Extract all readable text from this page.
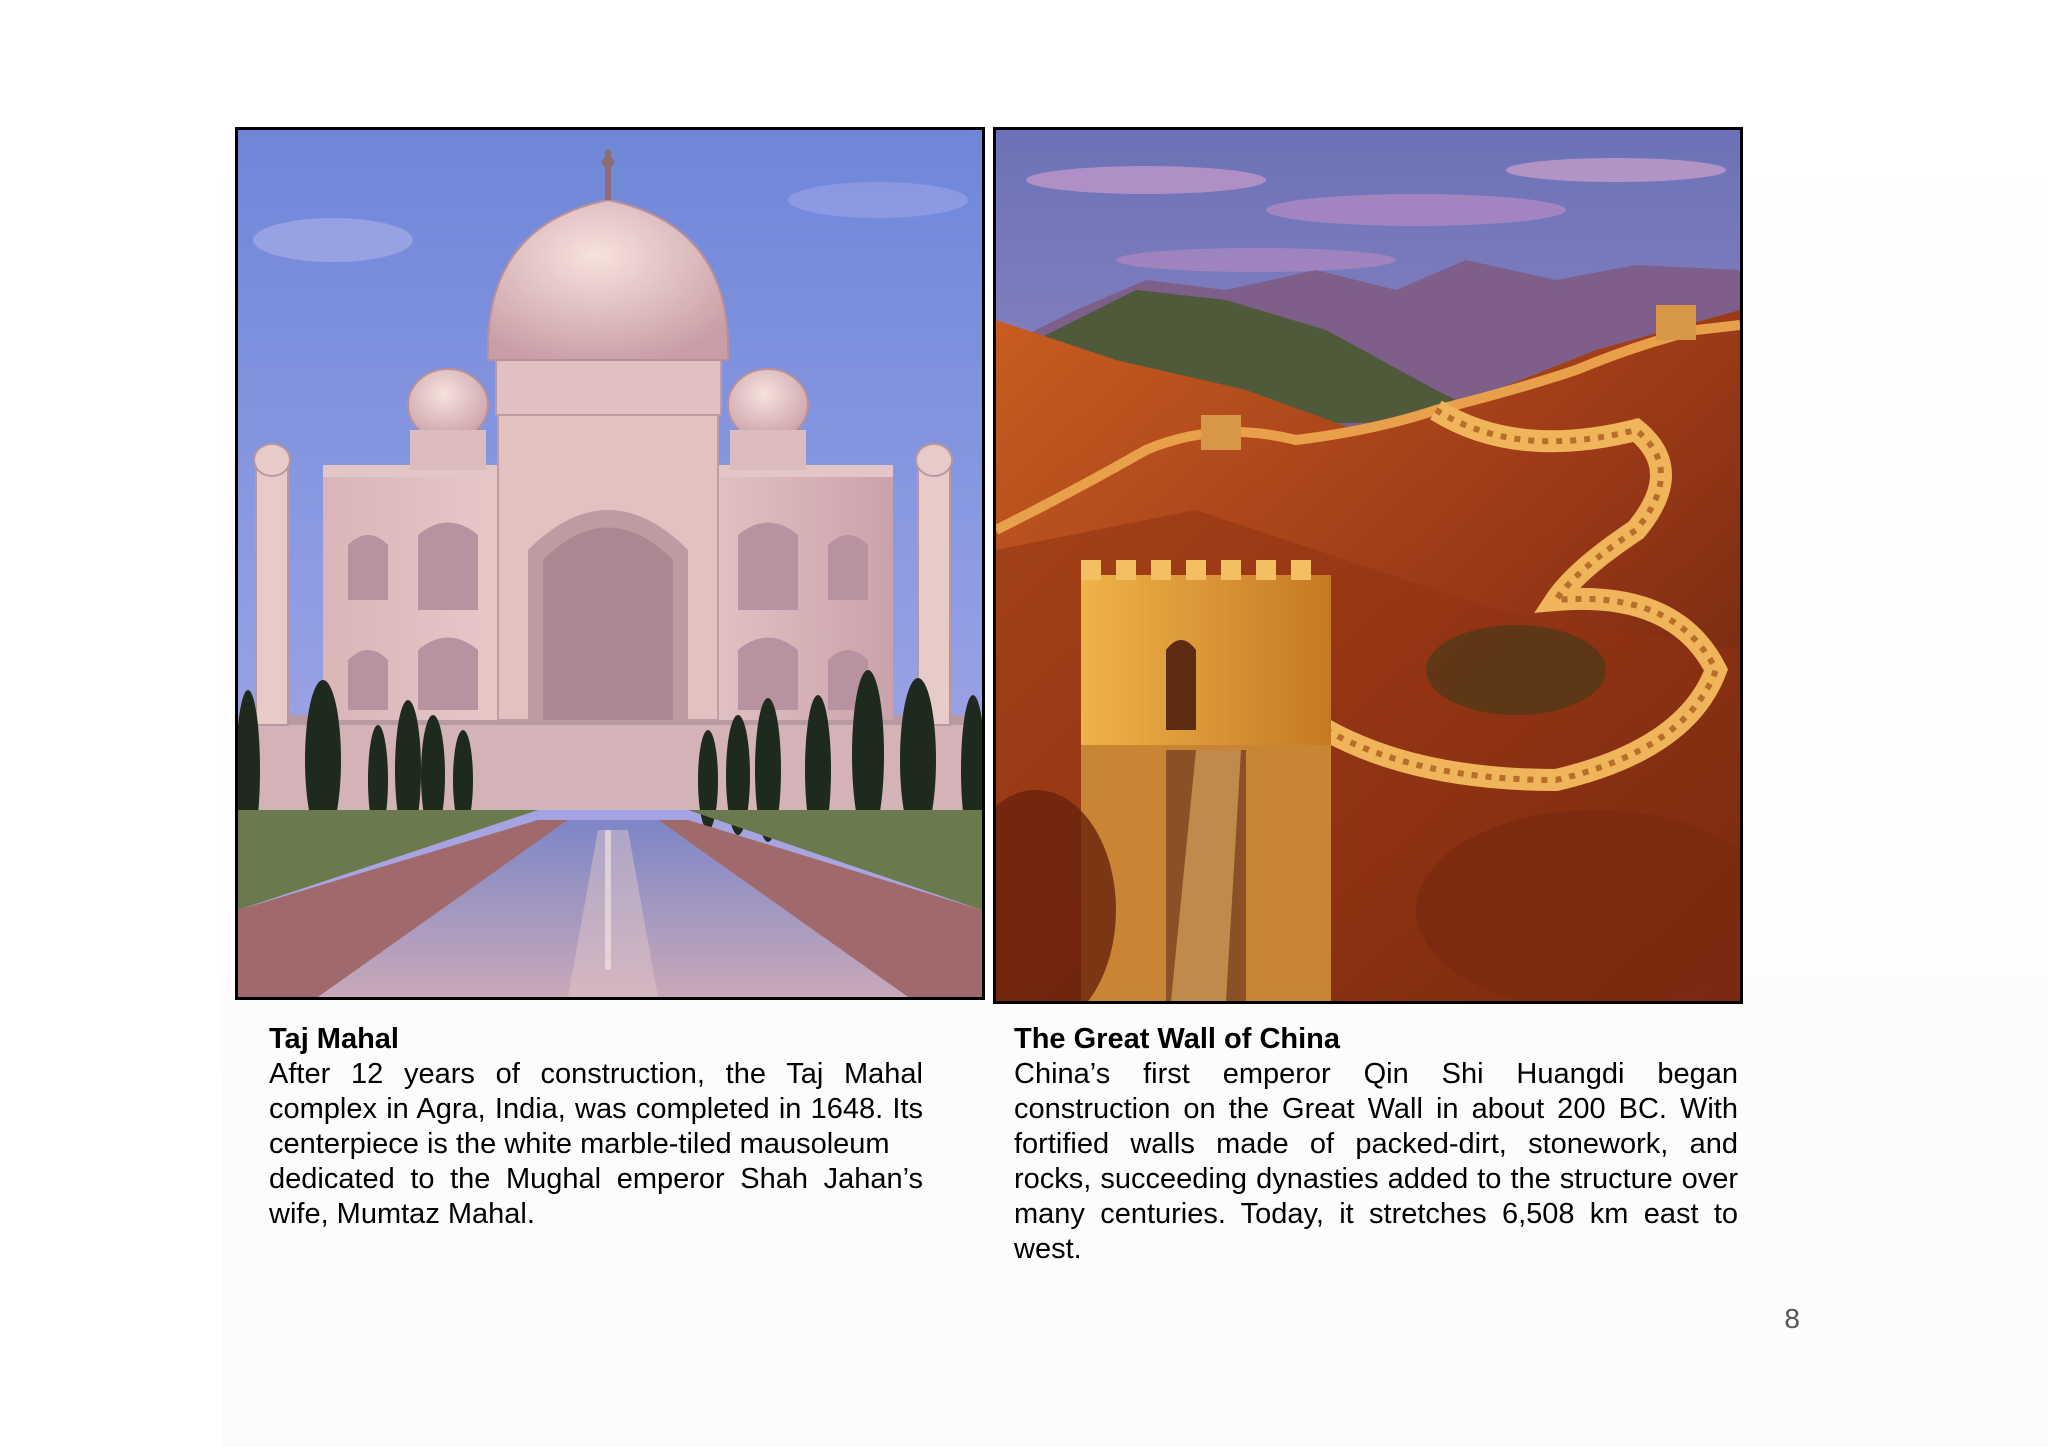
Taj Mahal
After 12 years of construction, the Taj Mahal
complex in Agra, India, was completed in 1648. Its
centerpiece is the white marble-tiled mausoleum
dedicated to the Mughal emperor Shah Jahan’s
wife, Mumtaz Mahal.
The Great Wall of China
China’s first emperor Qin Shi Huangdi began
construction on the Great Wall in about 200 BC. With
fortified walls made of packed-dirt, stonework, and
rocks, succeeding dynasties added to the structure over
many centuries. Today, it stretches 6,508 km east to
west.
8
